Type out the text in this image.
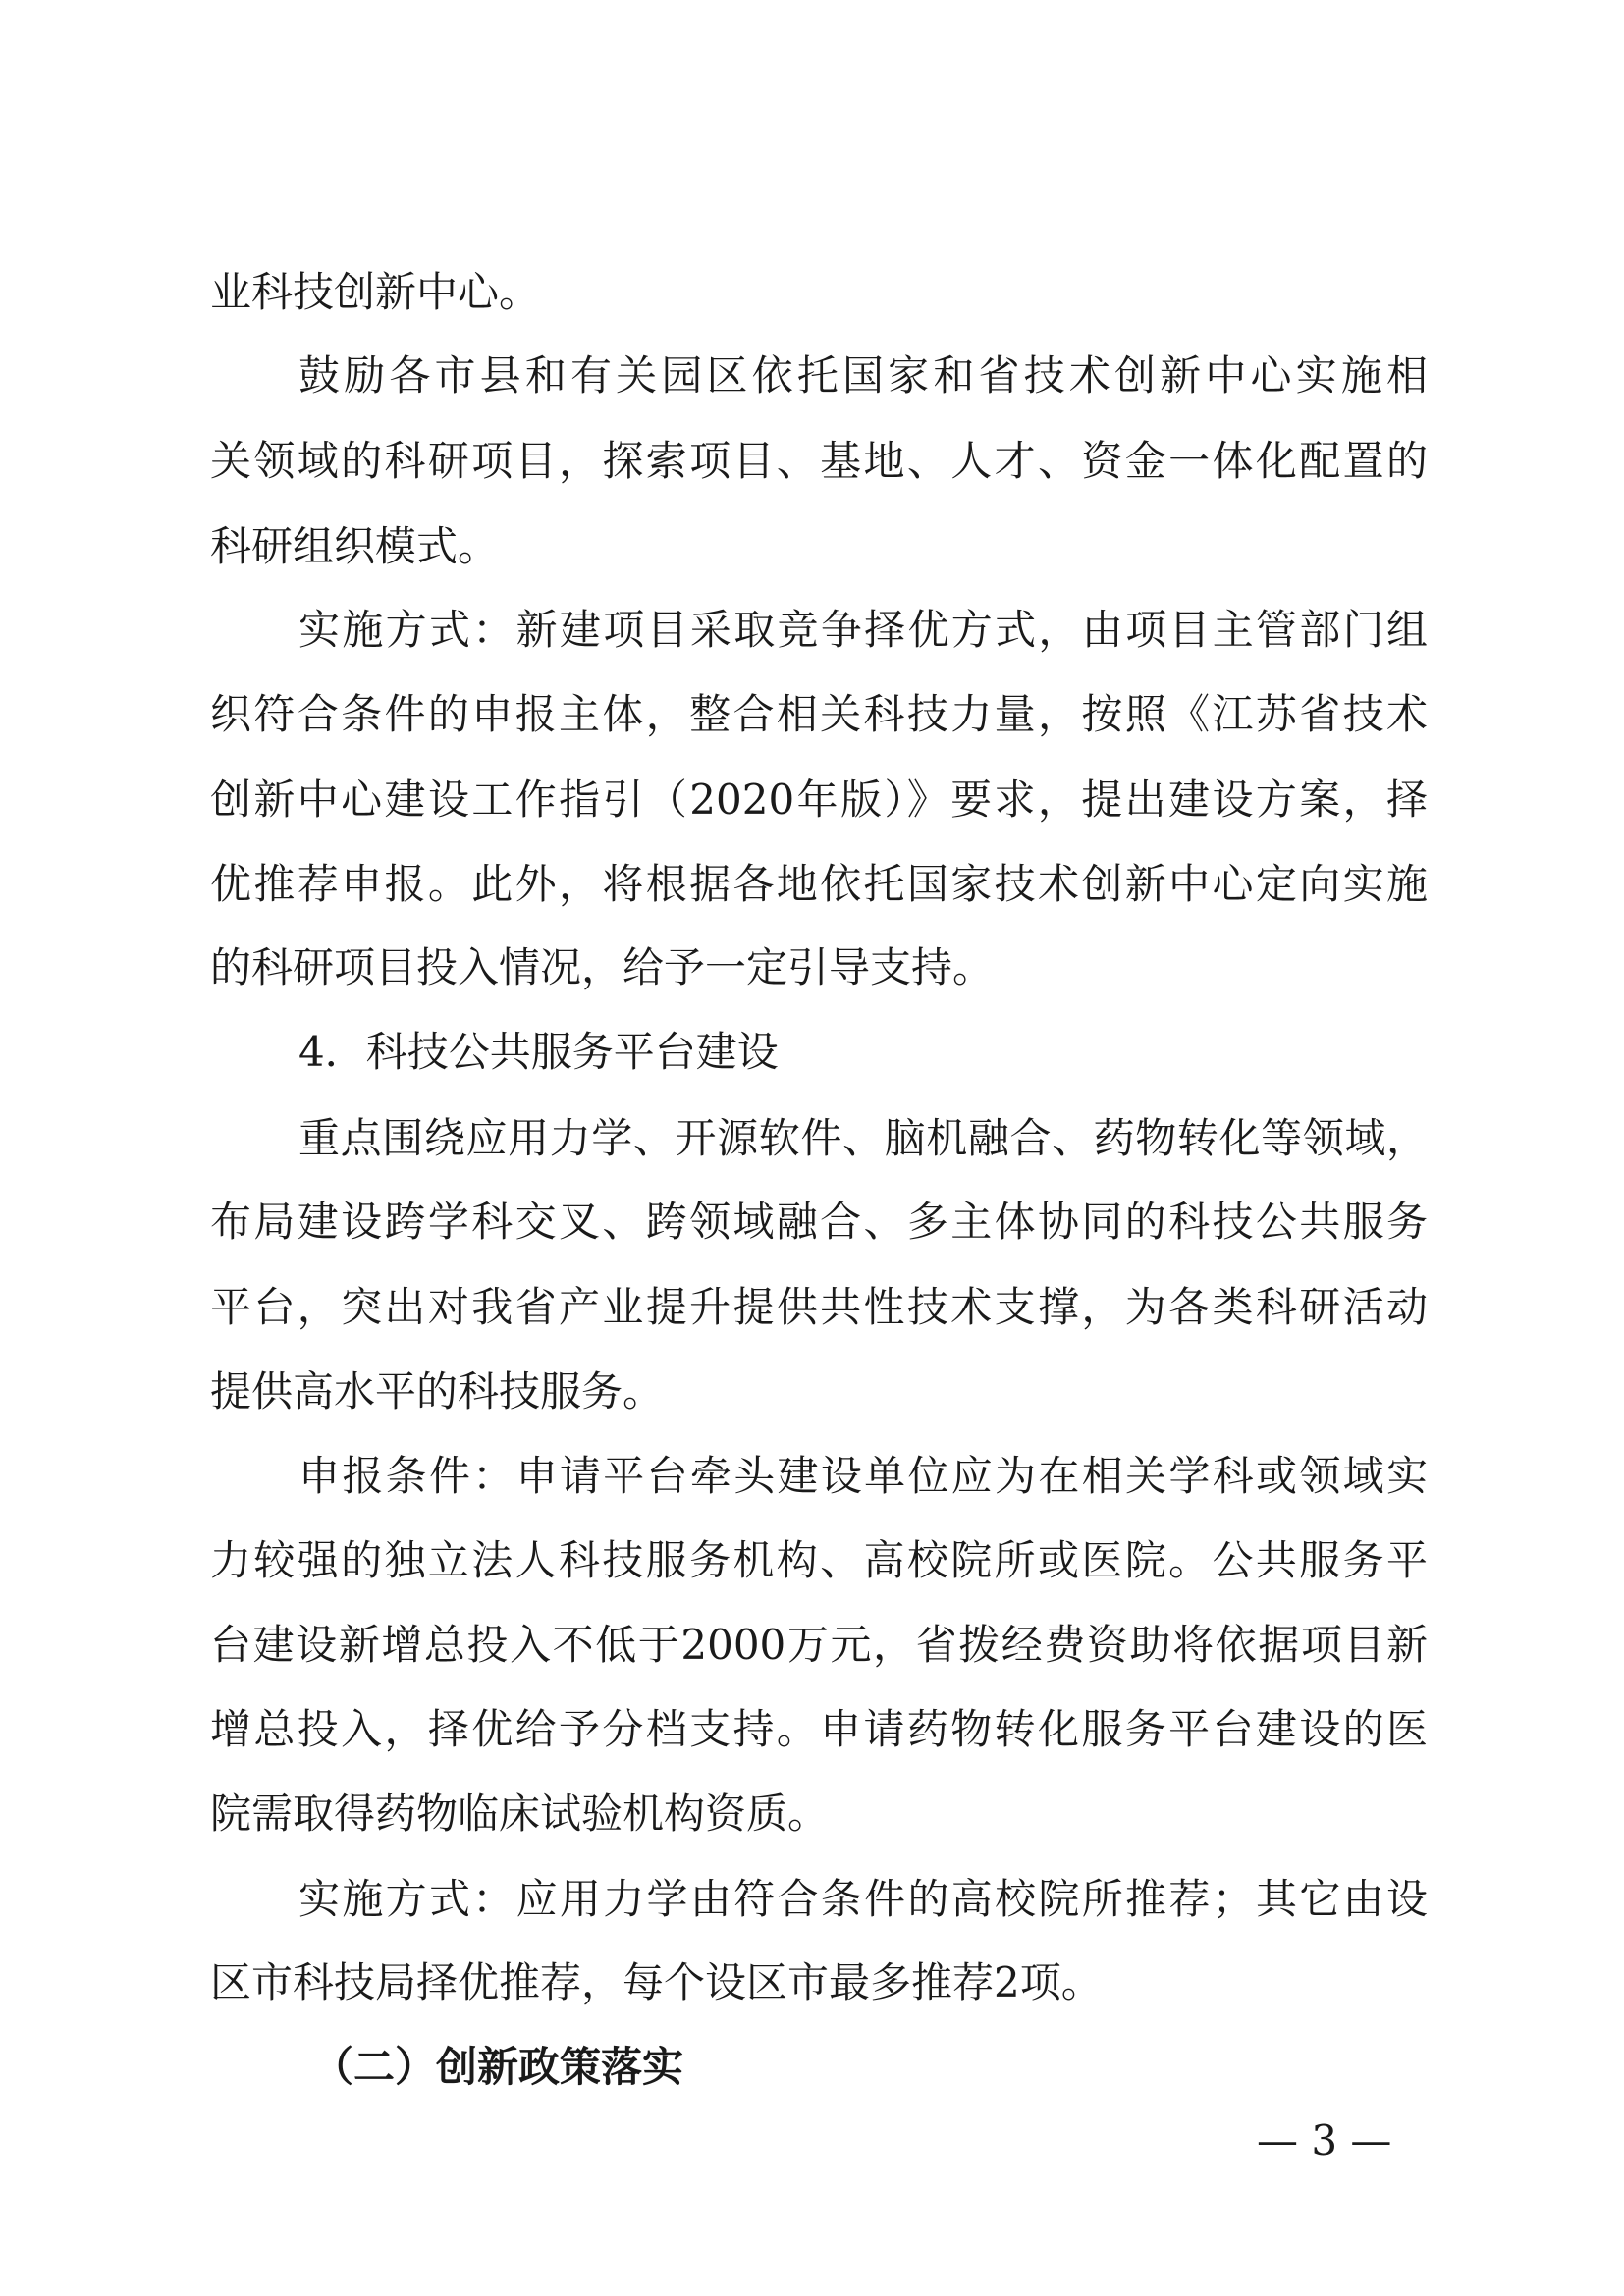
业科技创新中心。
鼓励各市县和有关园区依托国家和省技术创新中心实施相
关领域的科研项目，探索项目、基地、人才、资金一体化配置的
科研组织模式。
实施方式：新建项目采取竞争择优方式，由项目主管部门组
织符合条件的申报主体，整合相关科技力量，按照《江苏省技术
创新中心建设工作指引（2020年版）》要求，提出建设方案，择
优推荐申报。此外，将根据各地依托国家技术创新中心定向实施
的科研项目投入情况，给予一定引导支持。
4．科技公共服务平台建设
重点围绕应用力学、开源软件、脑机融合、药物转化等领域，
布局建设跨学科交叉、跨领域融合、多主体协同的科技公共服务
平台，突出对我省产业提升提供共性技术支撑，为各类科研活动
提供高水平的科技服务。
申报条件：申请平台牵头建设单位应为在相关学科或领域实
力较强的独立法人科技服务机构、高校院所或医院。公共服务平
台建设新增总投入不低于2000万元，省拨经费资助将依据项目新
增总投入，择优给予分档支持。申请药物转化服务平台建设的医
院需取得药物临床试验机构资质。
实施方式：应用力学由符合条件的高校院所推荐；其它由设
区市科技局择优推荐，每个设区市最多推荐2项。
（二）创新政策落实
— 3 —
